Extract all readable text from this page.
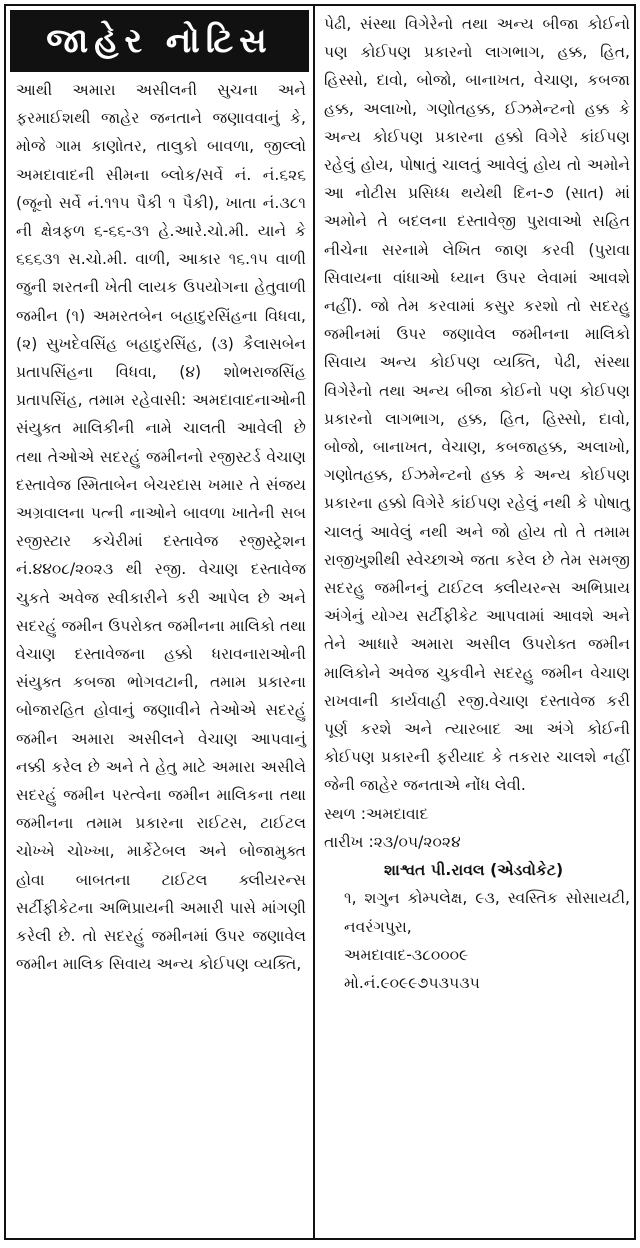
જાહેર નોટિસ

આથી અમારા અસીલની સુચના અને ફરમાઈશથી જાહેર જનતાને જણાવવાનું કે, મોજે ગામ કાણોતર, તાલુકો બાવળા, જીલ્લો અમદાવાદની સીમના બ્લોક/સર્વે નં. નં.૬૨૬ (જૂનો સર્વે નં.૧૧૫ પૈકી ૧ પૈકી), ખાતા નં.૩૮૧ ની ક્ષેત્રફળ ૬-૬૬-૩૧ હે.આરે.ચો.મી. યાને કે ૬૬૬૩૧ સ.ચો.મી. વાળી, આકાર ૧૬.૧૫ વાળી જુની શરતની ખેતી લાયક ઉપયોગના હેતુવાળી જમીન (૧) અમરતબેન બહાદુરસિંહના વિધવા, (૨) સુખદેવસિંહ બહાદુરસિંહ, (૩) કૈલાસબેન પ્રતાપસિંહના વિધવા, (૪) શોભરાજસિંહ પ્રતાપસિંહ, તમામ રહેવાસી: અમદાવાદનાઓની સંયુક્ત માલિકીની નામે ચાલતી આવેલી છે તથા તેઓએ સદરહું જમીનનો રજીસ્ટર્ડ વેચાણ દસ્તાવેજ સ્મિતાબેન બેચરદાસ ખમાર તે સંજય અગ્રવાલના પત્ની નાઓને બાવળા ખાતેની સબ રજીસ્ટાર કચેરીમાં દસ્તાવેજ રજીસ્ટ્રેશન નં.૪૪૦૮/૨૦૨૩ થી રજી. વેચાણ દસ્તાવેજ ચુકતે અવેજ સ્વીકારીને કરી આપેલ છે અને સદરહું જમીન ઉપરોક્ત જમીનના માલિકો તથા વેચાણ દસ્તાવેજના હક્કો ધરાવનારાઓની સંયુક્ત કબજા ભોગવટાની, તમામ પ્રકારના બોજારહિત હોવાનું જણાવીને તેઓએ સદરહું જમીન અમારા અસીલને વેચાણ આપવાનું નક્કી કરેલ છે અને તે હેતુ માટે અમારા અસીલે સદરહું જમીન પરત્વેના જમીન માલિકના તથા જમીનના તમામ પ્રકારના રાઈટસ, ટાઈટલ ચોખ્ખે ચોખ્ખા, માર્કેટેબલ અને બોજામુક્ત હોવા બાબતના ટાઈટલ ક્લીયરન્સ સર્ટીફીકેટના અભિપ્રાયની અમારી પાસે માંગણી કરેલી છે. તો સદરહું જમીનમાં ઉપર જણાવેલ જમીન માલિક સિવાય અન્ય કોઈપણ વ્યક્તિ,

પેઢી, સંસ્થા વિગેરેનો તથા અન્ય બીજા કોઈનો પણ કોઈપણ પ્રકારનો લાગભાગ, હક્ક, હિત, હિસ્સો, દાવો, બોજો, બાનાખત, વેચાણ, કબજા હક્ક, અલાખો, ગણોતહક્ક, ઈઝમેન્ટનો હક્ક કે અન્ય કોઈપણ પ્રકારના હક્કો વિગેરે કાંઈપણ રહેલું હોય, પોષાતું ચાલતું આવેલું હોય તો અમોને આ નોટીસ પ્રસિધ્ધ થયેથી દિન-૭ (સાત) માં અમોને તે બદલના દસ્તાવેજી પુરાવાઓ સહિત નીચેના સરનામે લેખિત જાણ કરવી (પુરાવા સિવાયના વાંધાઓ ધ્યાન ઉપર લેવામાં આવશે નહીં). જો તેમ કરવામાં કસુર કરશો તો સદરહુ જમીનમાં ઉપર જણાવેલ જમીનના માલિકો સિવાય અન્ય કોઈપણ વ્યક્તિ, પેઢી, સંસ્થા વિગેરેનો તથા અન્ય બીજા કોઈનો પણ કોઈપણ પ્રકારનો લાગભાગ, હક્ક, હિત, હિસ્સો, દાવો, બોજો, બાનાખત, વેચાણ, કબજાહક્ક, અલાખો, ગણોતહક્ક, ઈઝમેન્ટનો હક્ક કે અન્ય કોઈપણ પ્રકારના હક્કો વિગેરે કાંઈપણ રહેલું નથી કે પોષાતુ ચાલતું આવેલું નથી અને જો હોય તો તે તમામ રાજીખુશીથી સ્વેચ્છાએ જતા કરેલ છે તેમ સમજી સદરહુ જમીનનું ટાઈટલ ક્લીયરન્સ અભિપ્રાય અંગેનું યોગ્ય સર્ટીફીકેટ આપવામાં આવશે અને તેને આધારે અમારા અસીલ ઉપરોક્ત જમીન માલિકોને અવેજ ચુકવીને સદરહુ જમીન વેચાણ રાખવાની કાર્યવાહી રજી.વેચાણ દસ્તાવેજ કરી પૂર્ણ કરશે અને ત્યારબાદ આ અંગે કોઈની કોઈપણ પ્રકારની ફરીયાદ કે તકરાર ચાલશે નહીં જેની જાહેર જનતાએ નોંધ લેવી.

સ્થળ :અમદાવાદ

તારીખ :૨૩/૦૫/૨૦૨૪

શાશ્વત પી.રાવલ (એડવોકેટ)

૧, શગુન કોમ્પલેક્ષ, ૯૩, સ્વસ્તિક સોસાયટી, નવરંગપુરા,

અમદાવાદ-૩૮૦૦૦૯

મો.નં.૯૦૯૯૭૫૩૫૩૫
